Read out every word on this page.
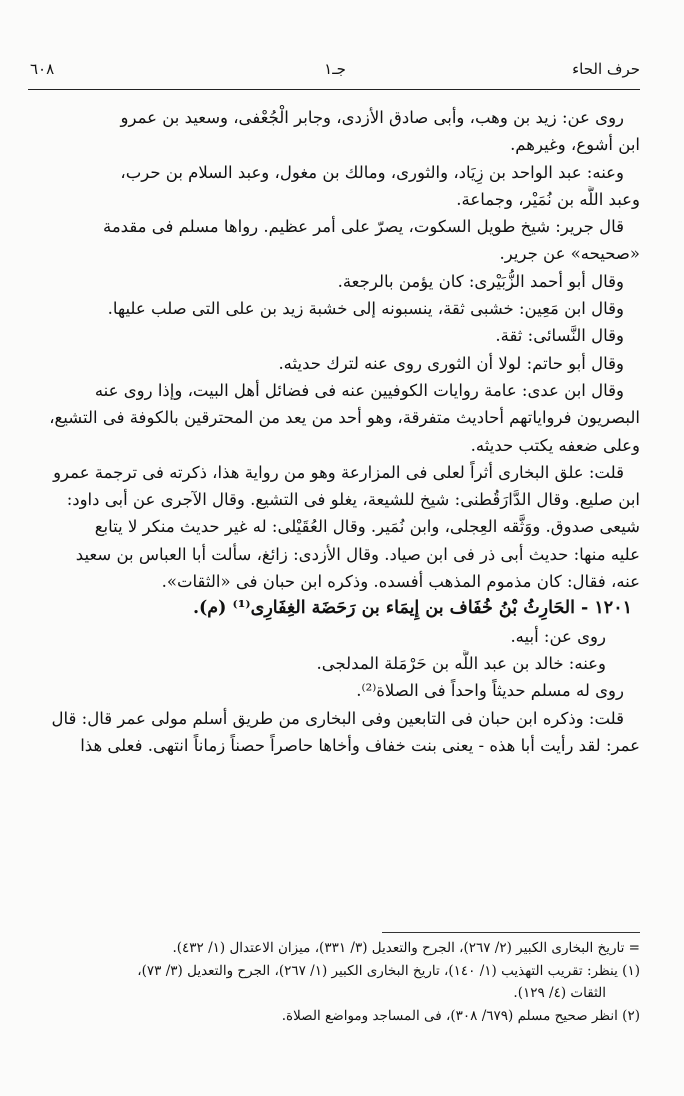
حرف الحاء
جـ١
٦٠٨
روى عن: زيد بن وهب، وأبى صادق الأزدى، وجابر الْجُعْفى، وسعيد بن عمرو
ابن أشوع، وغيرهم.
وعنه: عبد الواحد بن زِيَاد، والثورى، ومالك بن مغول، وعبد السلام بن حرب،
وعبد اللَّه بن نُمَيْر، وجماعة.
قال جرير: شيخ طويل السكوت، يصرّ على أمر عظيم. رواها مسلم فى مقدمة
«صحيحه» عن جرير.
وقال أبو أحمد الزُّبَيْرى: كان يؤمن بالرجعة.
وقال ابن مَعِين: خشبى ثقة، ينسبونه إلى خشبة زيد بن على التى صلب عليها.
وقال النَّسائى: ثقة.
وقال أبو حاتم: لولا أن الثورى روى عنه لترك حديثه.
وقال ابن عدى: عامة روايات الكوفيين عنه فى فضائل أهل البيت، وإذا روى عنه
البصريون فرواياتهم أحاديث متفرقة، وهو أحد من يعد من المحترقين بالكوفة فى التشيع،
وعلى ضعفه يكتب حديثه.
قلت: علق البخارى أثراً لعلى فى المزارعة وهو من رواية هذا، ذكرته فى ترجمة عمرو
ابن صليع. وقال الدَّارَقُطنى: شيخ للشيعة، يغلو فى التشيع. وقال الآجرى عن أبى داود:
شيعى صدوق. ووَثَّقه العِجلى، وابن نُمَير. وقال العُقَيْلى: له غير حديث منكر لا يتابع
عليه منها: حديث أبى ذر فى ابن صياد. وقال الأزدى: زائغ، سألت أبا العباس بن سعيد
عنه، فقال: كان مذموم المذهب أفسده. وذكره ابن حبان فى «الثقات».
١٢٠١ - الحَارِثُ بْنُ خُفَاف بن إِيمَاء بن رَحَضَة الغِفَارِى⁽¹⁾ (م).
روى عن: أبيه.
وعنه: خالد بن عبد اللَّه بن حَرْمَلة المدلجى.
روى له مسلم حديثاً واحداً فى الصلاة⁽²⁾.
قلت: وذكره ابن حبان فى التابعين وفى البخارى من طريق أسلم مولى عمر قال: قال
عمر: لقد رأيت أبا هذه - يعنى بنت خفاف وأخاها حاصراً حصناً زماناً انتهى. فعلى هذا
= تاريخ البخارى الكبير (٢/ ٢٦٧)، الجرح والتعديل (٣/ ٣٣١)، ميزان الاعتدال (١/ ٤٣٢).
(١) ينظر: تقريب التهذيب (١/ ١٤٠)، تاريخ البخارى الكبير (١/ ٢٦٧)، الجرح والتعديل (٣/ ٧٣)،
الثقات (٤/ ١٢٩).
(٢) انظر صحيح مسلم (٦٧٩/ ٣٠٨)، فى المساجد ومواضع الصلاة.
